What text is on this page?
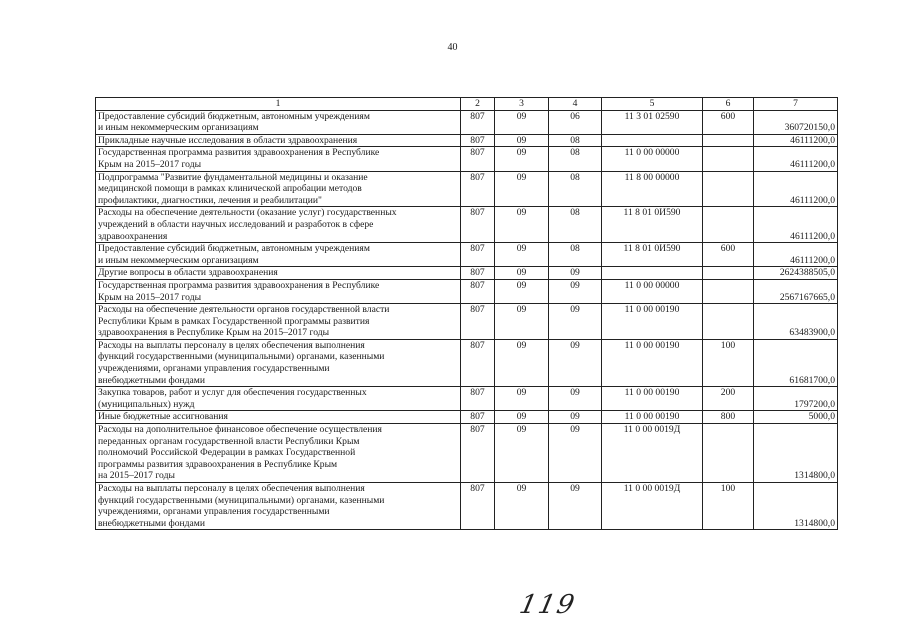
40
1	2	3	4	5	6	7
Предоставление субсидий бюджетным, автономным учреждениям
и иным некоммерческим организациям	807	09	06	11 3 01 02590	600	360720150,0
Прикладные научные исследования в области здравоохранения	807	09	08			46111200,0
Государственная программа развития здравоохранения в Республике
Крым на 2015–2017 годы	807	09	08	11 0 00 00000		46111200,0
Подпрограмма "Развитие фундаментальной медицины и оказание
медицинской помощи в рамках клинической апробации методов
профилактики, диагностики, лечения и реабилитации"	807	09	08	11 8 00 00000		46111200,0
Расходы на обеспечение деятельности (оказание услуг) государственных
учреждений в области научных исследований и разработок в сфере
здравоохранения	807	09	08	11 8 01 0И590		46111200,0
Предоставление субсидий бюджетным, автономным учреждениям
и иным некоммерческим организациям	807	09	08	11 8 01 0И590	600	46111200,0
Другие вопросы в области здравоохранения	807	09	09			2624388505,0
Государственная программа развития здравоохранения в Республике
Крым на 2015–2017 годы	807	09	09	11 0 00 00000		2567167665,0
Расходы на обеспечение деятельности органов государственной власти
Республики Крым в рамках Государственной программы развития
здравоохранения в Республике Крым на 2015–2017 годы	807	09	09	11 0 00 00190		63483900,0
Расходы на выплаты персоналу в целях обеспечения выполнения
функций государственными (муниципальными) органами, казенными
учреждениями, органами управления государственными
внебюджетными фондами	807	09	09	11 0 00 00190	100	61681700,0
Закупка товаров, работ и услуг для обеспечения государственных
(муниципальных) нужд	807	09	09	11 0 00 00190	200	1797200,0
Иные бюджетные ассигнования	807	09	09	11 0 00 00190	800	5000,0
Расходы на дополнительное финансовое обеспечение осуществления
переданных органам государственной власти Республики Крым
полномочий Российской Федерации в рамках Государственной
программы развития здравоохранения в Республике Крым
на 2015–2017 годы	807	09	09	11 0 00 0019Д		1314800,0
Расходы на выплаты персоналу в целях обеспечения выполнения
функций государственными (муниципальными) органами, казенными
учреждениями, органами управления государственными
внебюджетными фондами	807	09	09	11 0 00 0019Д	100	1314800,0
119
